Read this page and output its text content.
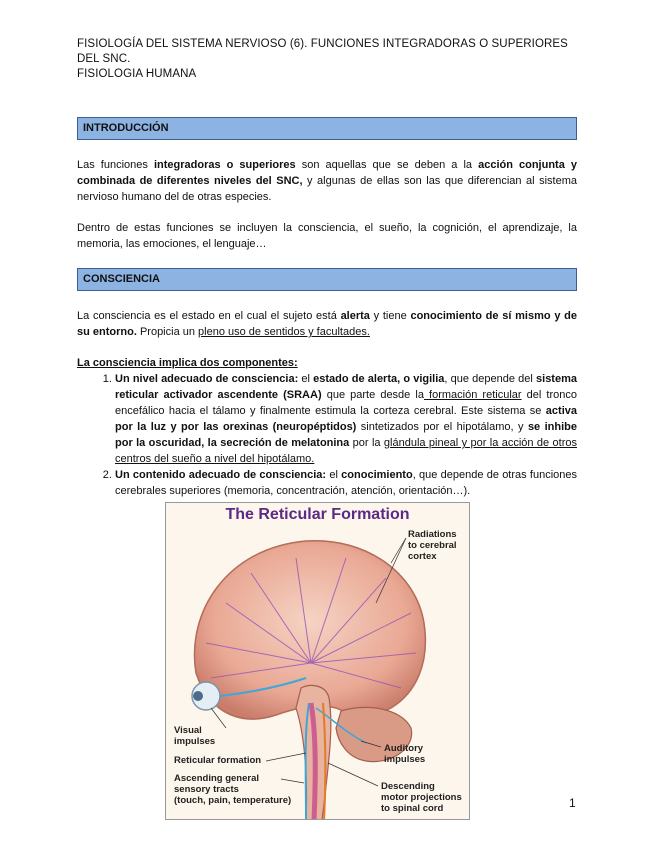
FISIOLOGÍA DEL SISTEMA NERVIOSO (6). FUNCIONES INTEGRADORAS O SUPERIORES DEL SNC.
FISIOLOGIA HUMANA
INTRODUCCIÓN
Las funciones integradoras o superiores son aquellas que se deben a la acción conjunta y combinada de diferentes niveles del SNC, y algunas de ellas son las que diferencian al sistema nervioso humano del de otras especies.
Dentro de estas funciones se incluyen la consciencia, el sueño, la cognición, el aprendizaje, la memoria, las emociones, el lenguaje…
CONSCIENCIA
La consciencia es el estado en el cual el sujeto está alerta y tiene conocimiento de sí mismo y de su entorno. Propicia un pleno uso de sentidos y facultades.
La consciencia implica dos componentes:
1. Un nivel adecuado de consciencia: el estado de alerta, o vigilia, que depende del sistema reticular activador ascendente (SRAA) que parte desde la formación reticular del tronco encefálico hacia el tálamo y finalmente estimula la corteza cerebral. Este sistema se activa por la luz y por las orexinas (neuropéptidos) sintetizados por el hipotálamo, y se inhibe por la oscuridad, la secreción de melatonina por la glándula pineal y por la acción de otros centros del sueño a nivel del hipotálamo.
2. Un contenido adecuado de consciencia: el conocimiento, que depende de otras funciones cerebrales superiores (memoria, concentración, atención, orientación…).
The Reticular Formation
Radiations
to cerebral
cortex
Visual
impulses
Reticular formation
Ascending general
sensory tracts
(touch, pain, temperature)
Auditory
impulses
Descending
motor projections
to spinal cord	1
